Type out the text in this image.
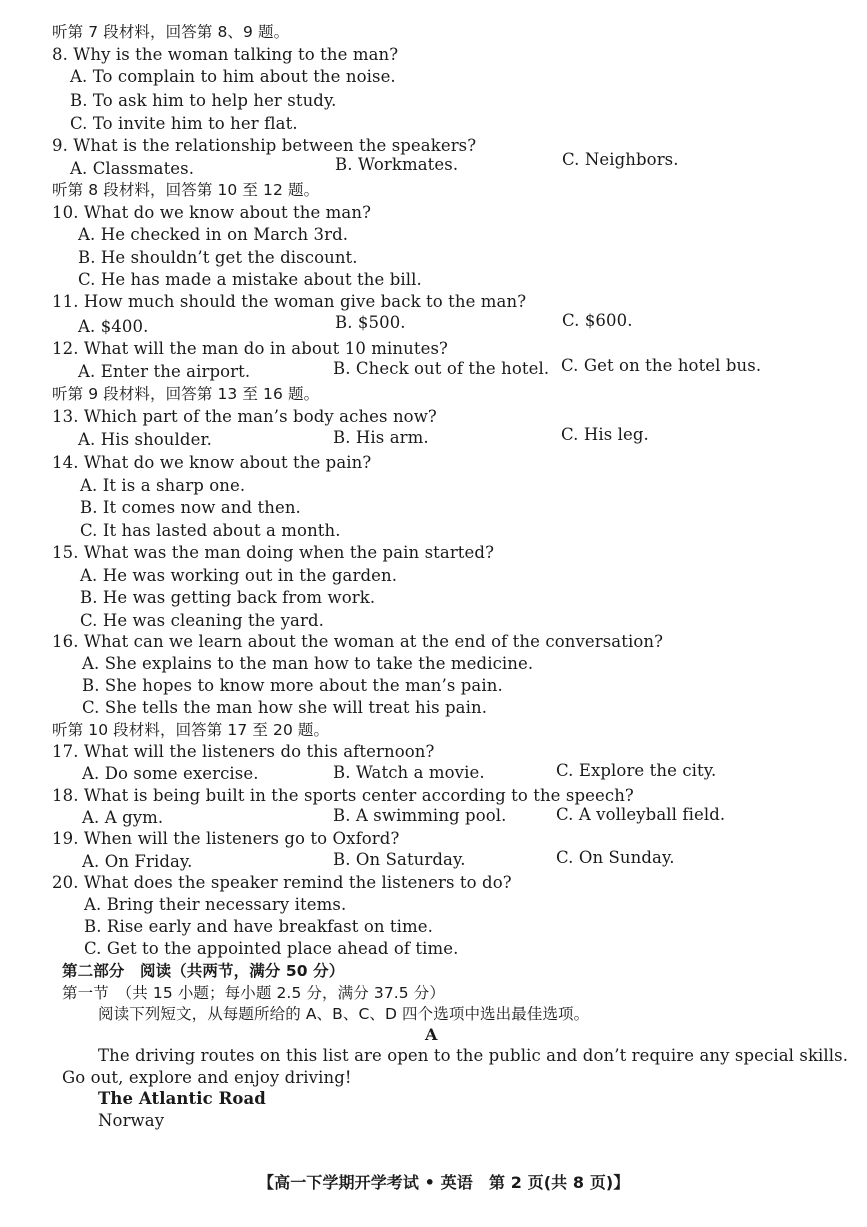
听第 7 段材料，回答第 8、9 题。
8. Why is the woman talking to the man?
A. To complain to him about the noise.
B. To ask him to help her study.
C. To invite him to her flat.
9. What is the relationship between the speakers?
A. Classmates.	B. Workmates.	C. Neighbors.
听第 8 段材料，回答第 10 至 12 题。
10. What do we know about the man?
A. He checked in on March 3rd.
B. He shouldn’t get the discount.
C. He has made a mistake about the bill.
11. How much should the woman give back to the man?
A. $400.	B. $500.	C. $600.
12. What will the man do in about 10 minutes?
A. Enter the airport.	B. Check out of the hotel. C. Get on the hotel bus.
听第 9 段材料，回答第 13 至 16 题。
13. Which part of the man’s body aches now?
A. His shoulder.	B. His arm.	C. His leg.
14. What do we know about the pain?
A. It is a sharp one.
B. It comes now and then.
C. It has lasted about a month.
15. What was the man doing when the pain started?
A. He was working out in the garden.
B. He was getting back from work.
C. He was cleaning the yard.
16. What can we learn about the woman at the end of the conversation?
A. She explains to the man how to take the medicine.
B. She hopes to know more about the man’s pain.
C. She tells the man how she will treat his pain.
听第 10 段材料，回答第 17 至 20 题。
17. What will the listeners do this afternoon?
A. Do some exercise.	B. Watch a movie.	C. Explore the city.
18. What is being built in the sports center according to the speech?
A. A gym.	B. A swimming pool.	C. A volleyball field.
19. When will the listeners go to Oxford?
A. On Friday.	B. On Saturday.	C. On Sunday.
20. What does the speaker remind the listeners to do?
A. Bring their necessary items.
B. Rise early and have breakfast on time.
C. Get to the appointed place ahead of time.
第二部分　阅读（共两节，满分 50 分）
第一节　（共 15 小题；每小题 2.5 分，满分 37.5 分）
阅读下列短文，从每题所给的 A、B、C、D 四个选项中选出最佳选项。
A
The driving routes on this list are open to the public and don’t require any special skills.
Go out, explore and enjoy driving!
The Atlantic Road
Norway
【高一下学期开学考试 • 英语　第 2 页(共 8 页)】
